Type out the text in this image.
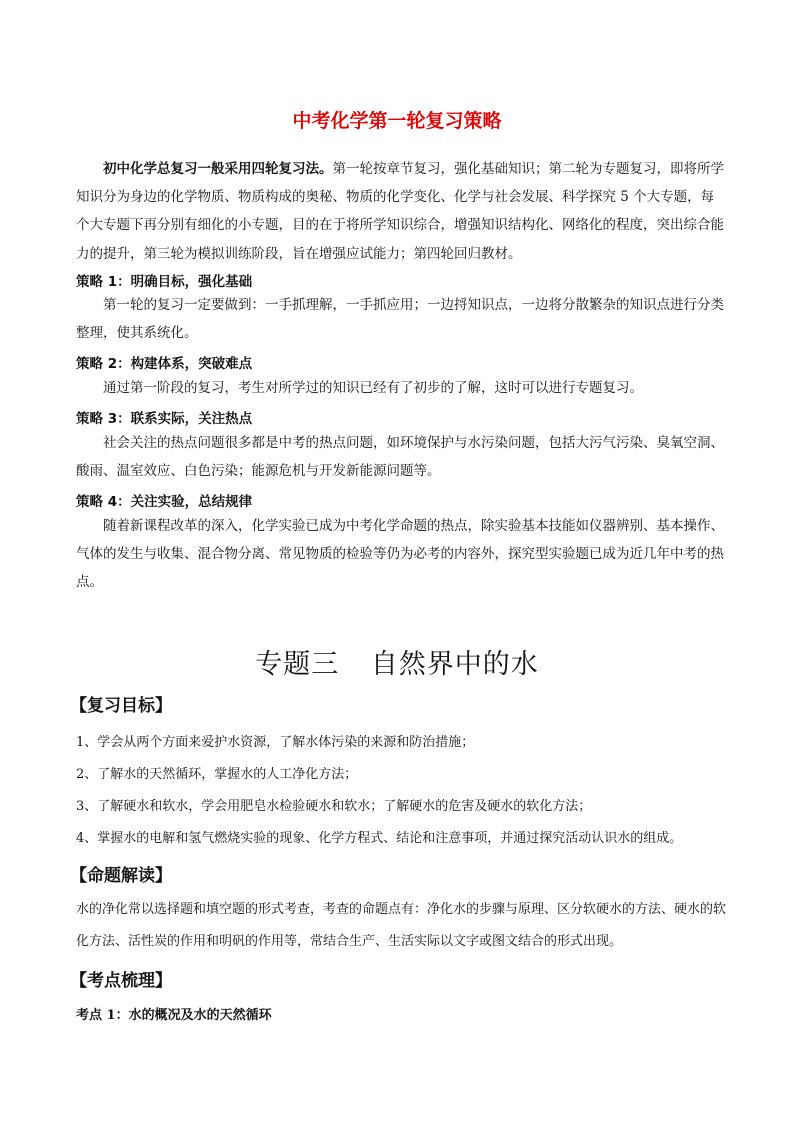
中考化学第一轮复习策略

初中化学总复习一般采用四轮复习法。第一轮按章节复习，强化基础知识；第二轮为专题复习，即将所学知识分为身边的化学物质、物质构成的奥秘、物质的化学变化、化学与社会发展、科学探究 5 个大专题，每个大专题下再分别有细化的小专题，目的在于将所学知识综合，增强知识结构化、网络化的程度，突出综合能力的提升，第三轮为模拟训练阶段，旨在增强应试能力；第四轮回归教材。

策略 1：明确目标，强化基础

第一轮的复习一定要做到：一手抓理解，一手抓应用；一边捋知识点，一边将分散繁杂的知识点进行分类整理，使其系统化。

策略 2：构建体系，突破难点

通过第一阶段的复习，考生对所学过的知识已经有了初步的了解，这时可以进行专题复习。

策略 3：联系实际，关注热点

社会关注的热点问题很多都是中考的热点问题，如环境保护与水污染问题，包括大污气污染、臭氧空洞、酸雨、温室效应、白色污染；能源危机与开发新能源问题等。

策略 4：关注实验，总结规律

随着新课程改革的深入，化学实验已成为中考化学命题的热点，除实验基本技能如仪器辨别、基本操作、气体的发生与收集、混合物分离、常见物质的检验等仍为必考的内容外，探究型实验题已成为近几年中考的热点。

专题三 自然界中的水
【复习目标】
1、学会从两个方面来爱护水资源，了解水体污染的来源和防治措施；
2、了解水的天然循环，掌握水的人工净化方法；
3、了解硬水和软水，学会用肥皂水检验硬水和软水；了解硬水的危害及硬水的软化方法；
4、掌握水的电解和氢气燃烧实验的现象、化学方程式、结论和注意事项，并通过探究活动认识水的组成。
【命题解读】

水的净化常以选择题和填空题的形式考查，考查的命题点有：净化水的步骤与原理、区分软硬水的方法、硬水的软化方法、活性炭的作用和明矾的作用等，常结合生产、生活实际以文字或图文结合的形式出现。

【考点梳理】
考点 1：水的概况及水的天然循环
